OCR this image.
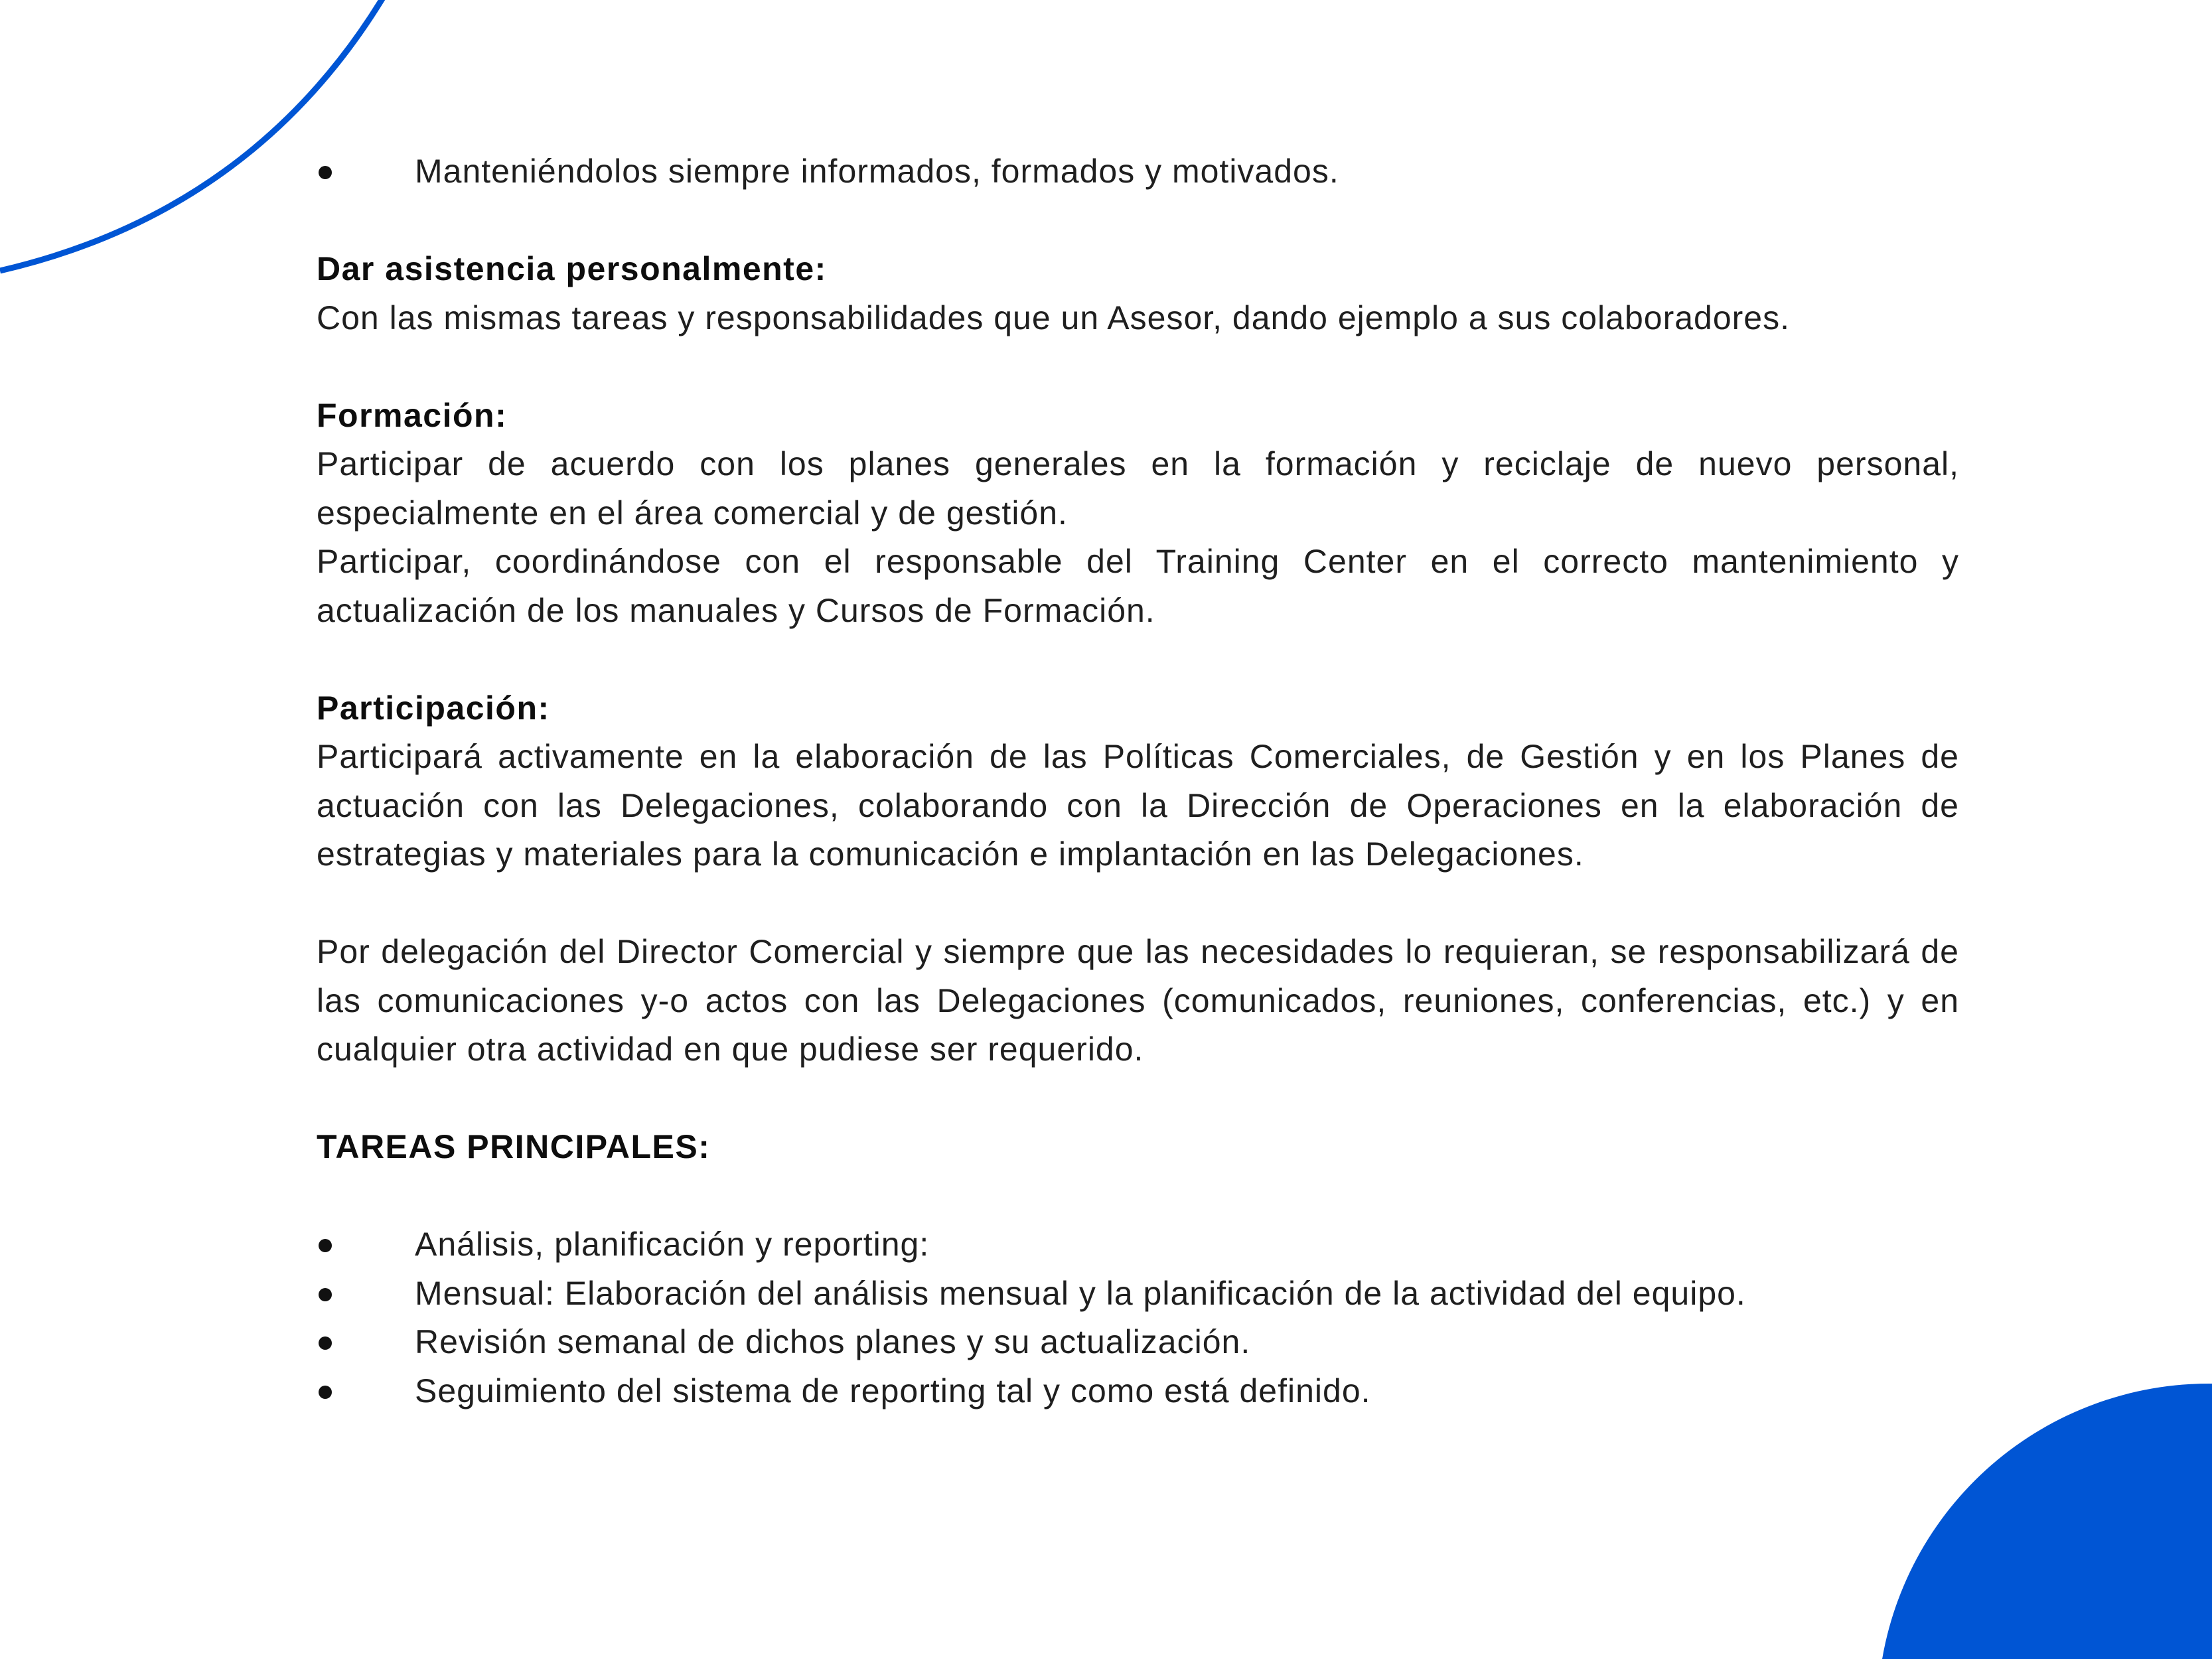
Manteniéndolos siempre informados, formados y motivados.
Dar asistencia personalmente:
Con las mismas tareas y responsabilidades que un Asesor, dando ejemplo a sus colaboradores.
Formación:
Participar de acuerdo con los planes generales en la formación y reciclaje de nuevo personal, especialmente en el área comercial y de gestión.
Participar, coordinándose con el responsable del Training Center en el correcto mantenimiento y actualización de los manuales y Cursos de Formación.
Participación:
Participará activamente en la elaboración de las Políticas Comerciales, de Gestión y en los Planes de actuación con las Delegaciones, colaborando con la Dirección de Operaciones en la elaboración de estrategias y materiales para la comunicación e implantación en las Delegaciones.
Por delegación del Director Comercial y siempre que las necesidades lo requieran, se responsabilizará de las comunicaciones y-o actos con las Delegaciones (comunicados, reuniones, conferencias, etc.) y en cualquier otra actividad en que pudiese ser requerido.
TAREAS PRINCIPALES:
Análisis, planificación y reporting:
Mensual: Elaboración del análisis mensual y la planificación de la actividad del equipo.
Revisión semanal de dichos planes y su actualización.
Seguimiento del sistema de reporting tal y como está definido.
